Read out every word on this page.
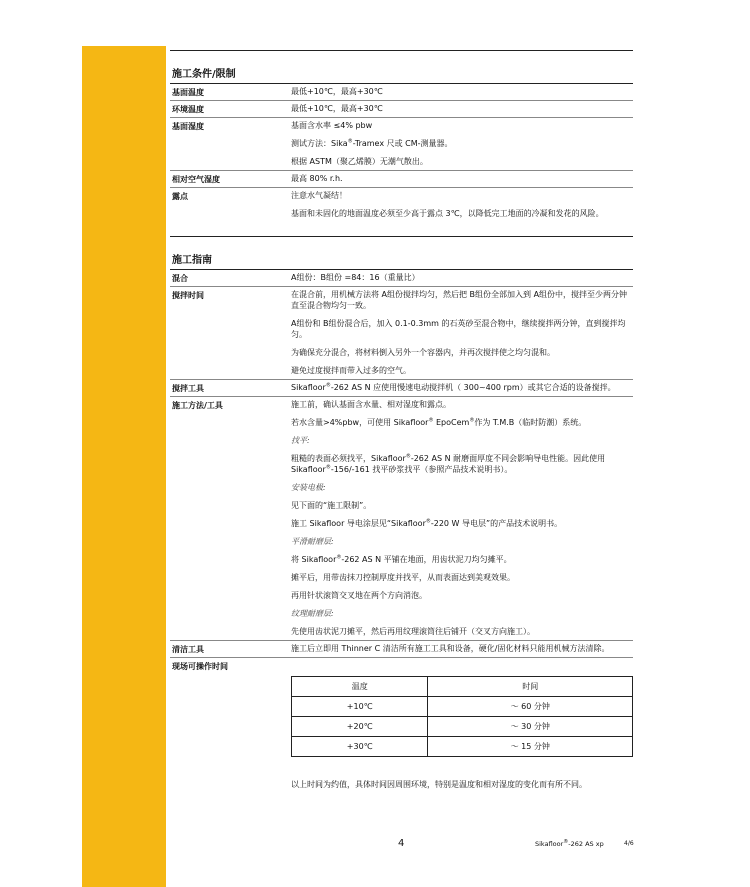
施工条件/限制
基面温度	最低+10℃，最高+30℃

环境温度	最低+10℃，最高+30℃

基面湿度	基面含水率 ≤4% pbw

测试方法：Sika®-Tramex 尺或 CM-测量器。

根据 ASTM（聚乙烯膜）无潮气散出。

相对空气湿度	最高 80% r.h.

露点	注意水气凝结！

基面和未固化的地面温度必须至少高于露点 3℃，以降低完工地面的冷凝和发花的风险。

施工指南
混合	A组份：B组份 =84：16（重量比）

搅拌时间	在混合前，用机械方法将 A组份搅拌均匀，然后把 B组份全部加入到 A组份中，搅拌至少两分钟直至混合物均匀一致。

A组份和 B组份混合后，加入 0.1-0.3mm 的石英砂至混合物中，继续搅拌两分钟，直到搅拌均匀。

为确保充分混合，将材料倒入另外一个容器内，并再次搅拌使之均匀混和。

避免过度搅拌而带入过多的空气。

搅拌工具	Sikafloor®-262 AS N 应使用慢速电动搅拌机（ 300~400 rpm）或其它合适的设备搅拌。

施工方法/工具	施工前，确认基面含水量、相对湿度和露点。

若水含量>4%pbw，可使用 Sikafloor® EpoCem®作为 T.M.B（临时防潮）系统。

找平:

粗糙的表面必须找平，Sikafloor®-262 AS N 耐磨面厚度不同会影响导电性能。因此使用 Sikafloor®-156/-161 找平砂浆找平（参照产品技术说明书）。

安装电极:

见下面的“施工限制”。

施工 Sikafloor 导电涂层见“Sikafloor®-220 W 导电层”的产品技术说明书。

平滑耐磨层:

将 Sikafloor®-262 AS N 平铺在地面，用齿状泥刀均匀摊平。

摊平后，用带齿抹刀控制厚度并找平，从而表面达到美观效果。

再用针状滚筒交叉地在两个方向消泡。

纹理耐磨层:

先使用齿状泥刀摊平，然后再用纹理滚筒往后铺开（交叉方向施工）。

清洁工具	施工后立即用 Thinner C 清洁所有施工工具和设备，硬化/固化材料只能用机械方法清除。

现场可操作时间
温度	时间
+10℃	～ 60 分钟
+20℃	～ 30 分钟
+30℃	～ 15 分钟
以上时间为约值，具体时间因周围环境，特别是温度和相对湿度的变化而有所不同。
4	Sikafloor®-262 AS xp	4/6
